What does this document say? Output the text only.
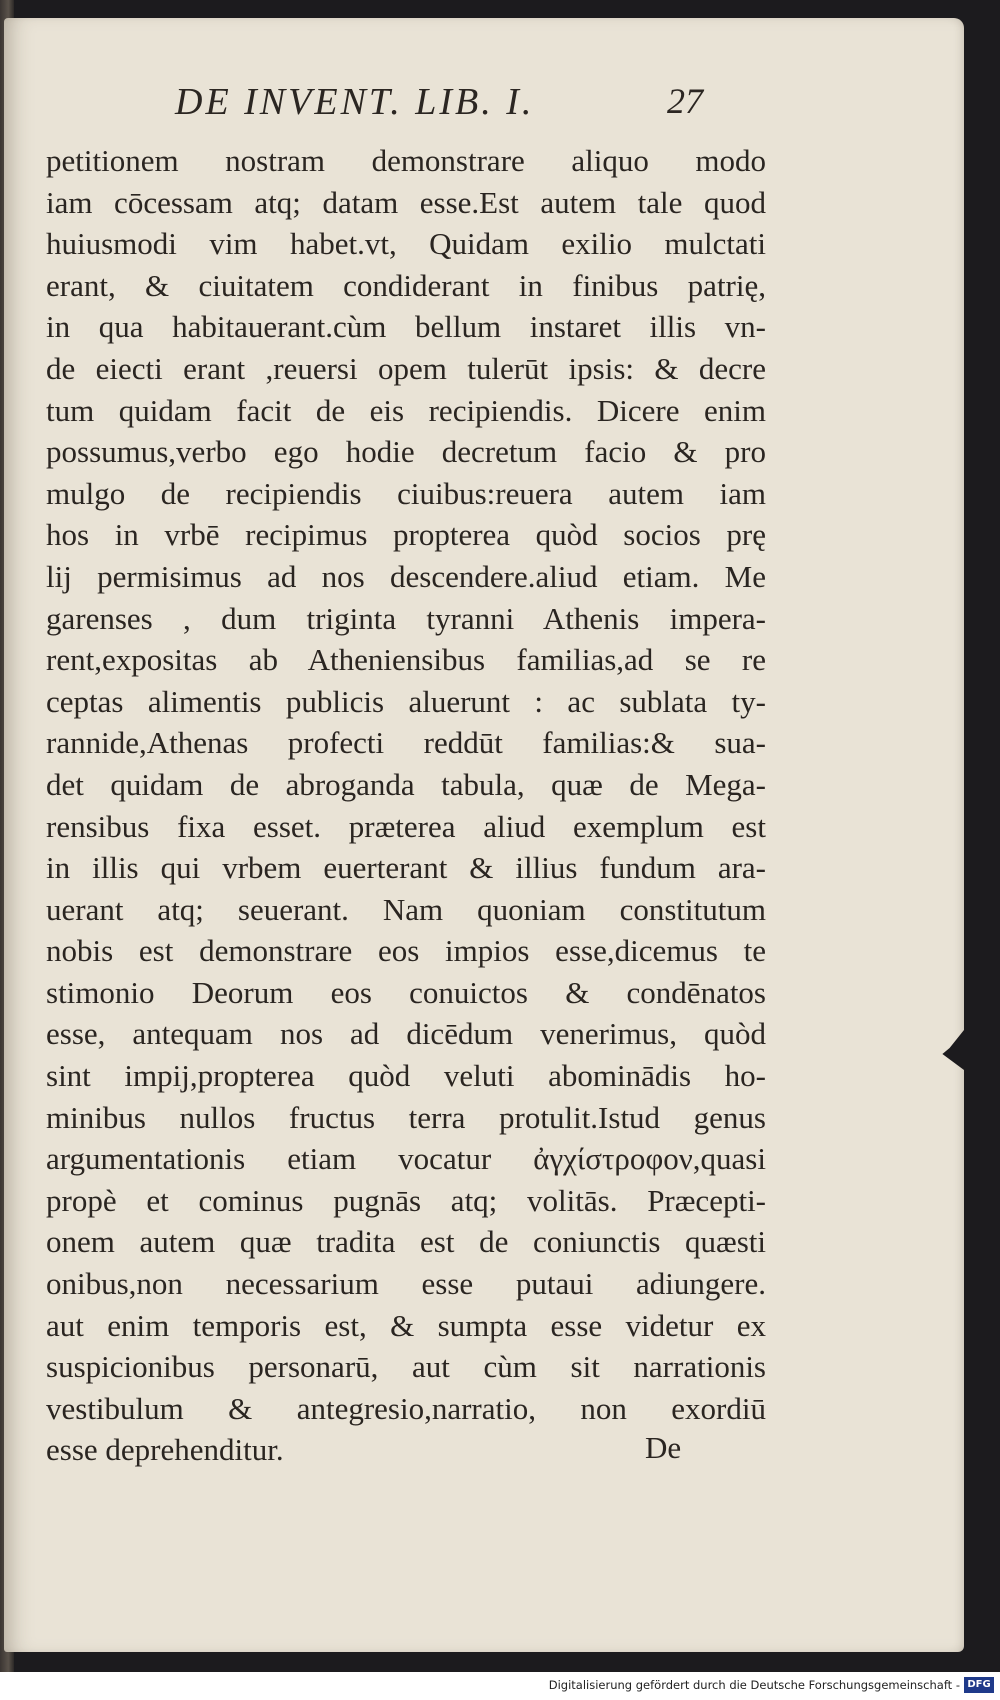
DE INVENT. LIB. I.	27
petitionem nostram demonstrare aliquo modo
iam cōcessam atq; datam esse.Est autem tale quod
huiusmodi vim habet.vt, Quidam exilio mulctati
erant, & ciuitatem condiderant in finibus patrię,
in qua habitauerant.cùm bellum instaret illis vn-
de eiecti erant ,reuersi opem tulerūt ipsis: & decre
tum quidam facit de eis recipiendis. Dicere enim
possumus,verbo ego hodie decretum facio & pro
mulgo de recipiendis ciuibus:reuera autem iam
hos in vrbē recipimus propterea quòd socios prę
lij permisimus ad nos descendere.aliud etiam. Me
garenses , dum triginta tyranni Athenis impera-
rent,expositas ab Atheniensibus familias,ad se re
ceptas alimentis publicis aluerunt : ac sublata ty-
rannide,Athenas profecti reddūt familias:& sua-
det quidam de abroganda tabula, quæ de Mega-
rensibus fixa esset. præterea aliud exemplum est
in illis qui vrbem euerterant & illius fundum ara-
uerant atq; seuerant. Nam quoniam constitutum
nobis est demonstrare eos impios esse,dicemus te
stimonio Deorum eos conuictos & condēnatos
esse, antequam nos ad dicēdum venerimus, quòd
sint impij,propterea quòd veluti abominādis ho-
minibus nullos fructus terra protulit.Istud genus
argumentationis etiam vocatur ἀγχίστροφον,quasi
propè et cominus pugnās atq; volitās. Præcepti-
onem autem quæ tradita est de coniunctis quæsti
onibus,non necessarium esse putaui adiungere.
aut enim temporis est, & sumpta esse videtur ex
suspicionibus personarū, aut cùm sit narrationis
vestibulum & antegresio,narratio, non exordiū
esse deprehenditur.	De
Digitalisierung gefördert durch die Deutsche Forschungsgemeinschaft - DFG
